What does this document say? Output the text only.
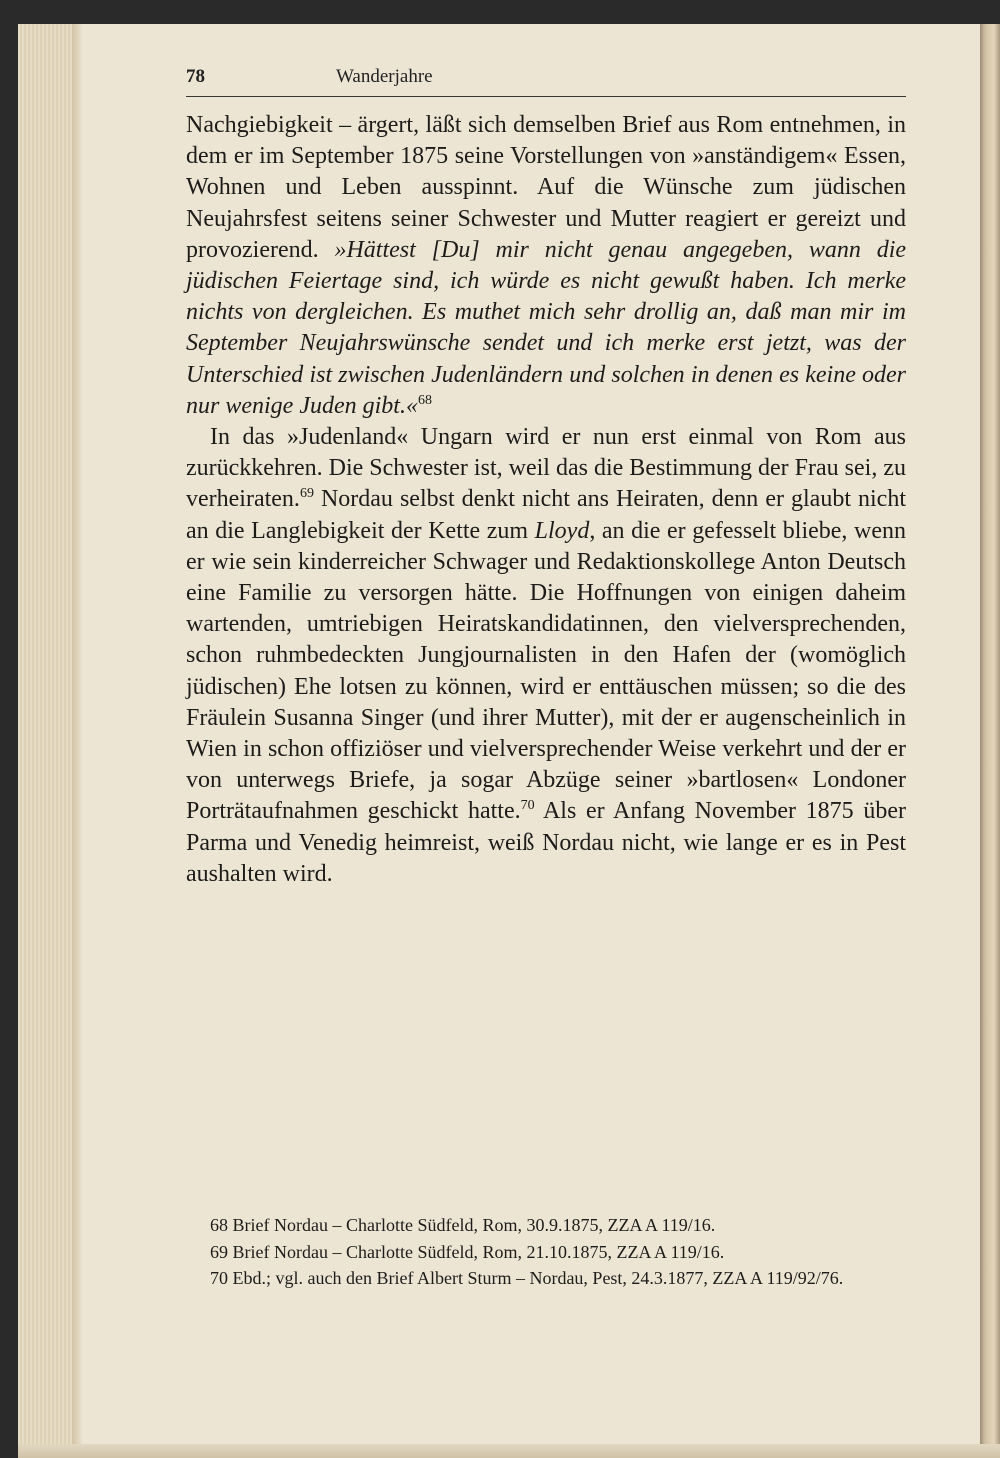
78	Wanderjahre

Nachgiebigkeit – ärgert, läßt sich demselben Brief aus Rom entnehmen, in dem er im September 1875 seine Vorstellungen von »anständigem« Essen, Wohnen und Leben ausspinnt. Auf die Wünsche zum jüdischen Neujahrsfest seitens seiner Schwester und Mutter reagiert er gereizt und provozierend. »Hättest [Du] mir nicht genau angegeben, wann die jüdischen Feiertage sind, ich würde es nicht gewußt haben. Ich merke nichts von dergleichen. Es muthet mich sehr drollig an, daß man mir im September Neujahrswünsche sendet und ich merke erst jetzt, was der Unterschied ist zwischen Judenländern und solchen in denen es keine oder nur wenige Juden gibt.«$^{68}$

In das »Judenland« Ungarn wird er nun erst einmal von Rom aus zurückkehren. Die Schwester ist, weil das die Bestimmung der Frau sei, zu verheiraten.$^{69}$ Nordau selbst denkt nicht ans Heiraten, denn er glaubt nicht an die Langlebigkeit der Kette zum Lloyd, an die er gefesselt bliebe, wenn er wie sein kinderreicher Schwager und Redaktionskollege Anton Deutsch eine Familie zu versorgen hätte. Die Hoffnungen von einigen daheim wartenden, umtriebigen Heiratskandidatinnen, den vielversprechenden, schon ruhmbedeckten Jungjournalisten in den Hafen der (womöglich jüdischen) Ehe lotsen zu können, wird er enttäuschen müssen; so die des Fräulein Susanna Singer (und ihrer Mutter), mit der er augenscheinlich in Wien in schon offiziöser und vielversprechender Weise verkehrt und der er von unterwegs Briefe, ja sogar Abzüge seiner »bartlosen« Londoner Porträtaufnahmen geschickt hatte.$^{70}$ Als er Anfang November 1875 über Parma und Venedig heimreist, weiß Nordau nicht, wie lange er es in Pest aushalten wird.

68 Brief Nordau – Charlotte Südfeld, Rom, 30.9.1875, ZZA A 119/16.

69 Brief Nordau – Charlotte Südfeld, Rom, 21.10.1875, ZZA A 119/16.

70 Ebd.; vgl. auch den Brief Albert Sturm – Nordau, Pest, 24.3.1877, ZZA A 119/92/76.
